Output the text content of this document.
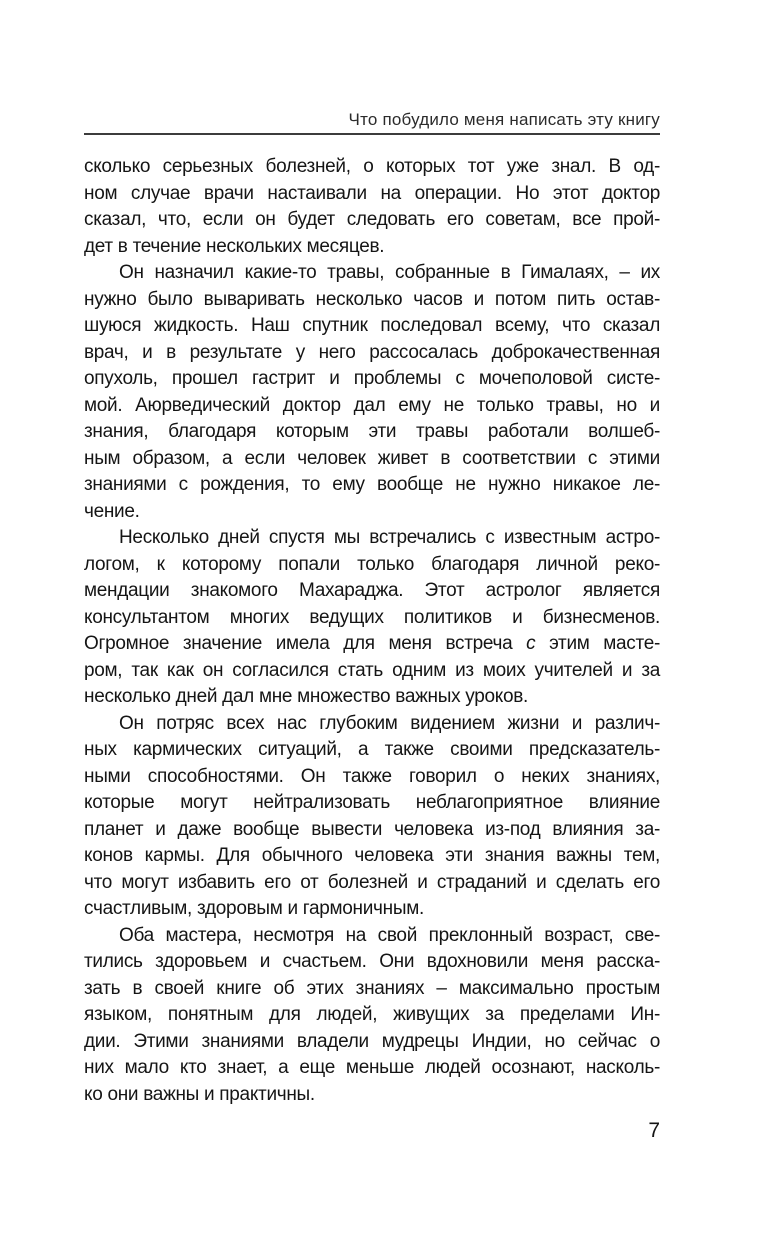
Что побудило меня написать эту книгу
сколько серьезных болезней, о которых тот уже знал. В од-
ном случае врачи настаивали на операции. Но этот доктор
сказал, что, если он будет следовать его советам, все прой-
дет в течение нескольких месяцев.
Он назначил какие-то травы, собранные в Гималаях, – их
нужно было вываривать несколько часов и потом пить остав-
шуюся жидкость. Наш спутник последовал всему, что сказал
врач, и в результате у него рассосалась доброкачественная
опухоль, прошел гастрит и проблемы с мочеполовой систе-
мой. Аюрведический доктор дал ему не только травы, но и
знания, благодаря которым эти травы работали волшеб-
ным образом, а если человек живет в соответствии с этими
знаниями с рождения, то ему вообще не нужно никакое ле-
чение.
Несколько дней спустя мы встречались с известным астро-
логом, к которому попали только благодаря личной реко-
мендации знакомого Махараджа. Этот астролог является
консультантом многих ведущих политиков и бизнесменов.
Огромное значение имела для меня встреча с этим масте-
ром, так как он согласился стать одним из моих учителей и за
несколько дней дал мне множество важных уроков.
Он потряс всех нас глубоким видением жизни и различ-
ных кармических ситуаций, а также своими предсказатель-
ными способностями. Он также говорил о неких знаниях,
которые могут нейтрализовать неблагоприятное влияние
планет и даже вообще вывести человека из-под влияния за-
конов кармы. Для обычного человека эти знания важны тем,
что могут избавить его от болезней и страданий и сделать его
счастливым, здоровым и гармоничным.
Оба мастера, несмотря на свой преклонный возраст, све-
тились здоровьем и счастьем. Они вдохновили меня расска-
зать в своей книге об этих знаниях – максимально простым
языком, понятным для людей, живущих за пределами Ин-
дии. Этими знаниями владели мудрецы Индии, но сейчас о
них мало кто знает, а еще меньше людей осознают, насколь-
ко они важны и практичны.
7
